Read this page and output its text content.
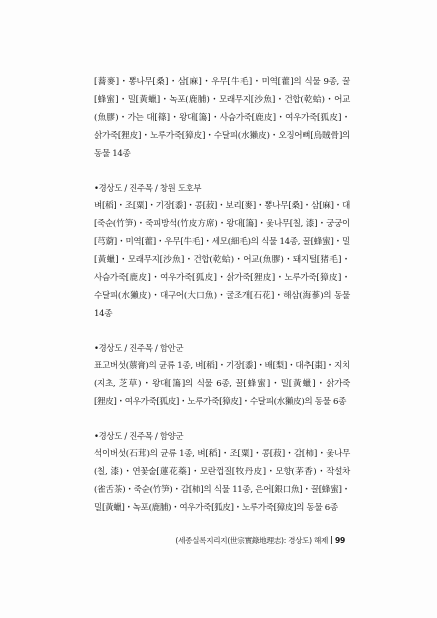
[蕎麥]・뽕나무[桑]・삼[麻]・우무[牛毛]・미역[藿]의 식물 9종, 꿀[蜂蜜]・밀[黃蠟]・녹포(鹿脯)・모래무지[沙魚]・건합(乾蛤)・어교(魚膠)・가는 대[篠]・왕대[簜]・사슴가죽[鹿皮]・여우가죽[狐皮]・삵가죽[狸皮]・노루가죽[獐皮]・수달피(水獺皮)・오징어뼈[烏賊骨]의 동물 14종

•경상도 / 진주목 / 창원 도호부

벼[稻]・조[粟]・기장[黍]・콩[菽]・보리[麥]・뽕나무[桑]・삼[麻]・대[죽순(竹笋)・죽피방석(竹皮方席)・왕대[簜]・옻나무[칠, 漆]・궁궁이[芎藭]・미역[藿]・우무[牛毛]・세모(細毛)의 식물 14종, 꿀[蜂蜜]・밀[黃蠟]・모래무지[沙魚]・건합(乾蛤)・어교(魚膠)・돼지털[猪毛]・사슴가죽[鹿皮]・여우가죽[狐皮]・삵가죽[狸皮]・노루가죽[獐皮]・수달피(水獺皮)・대구어(大口魚)・굴조개[石花]・해삼(海蔘)의 동물 14종

•경상도 / 진주목 / 함안군

표고버섯(蔈膏)의 균류 1종, 벼[稻]・기장[黍]・배[梨]・대추[棗]・지치(지초, 芝草)・왕대[簜]의 식물 6종, 꿀[蜂蜜]・밀[黃蠟]・삵가죽[狸皮]・여우가죽[狐皮]・노루가죽[獐皮]・수달피(水獺皮)의 동물 6종

•경상도 / 진주목 / 함양군

석이버섯(石茸)의 균류 1종, 벼[稻]・조[粟]・콩[菽]・감[柿]・옻나무(칠, 漆)・연꽃술[蓮花蘂]・모란껍질[牧丹皮]・모향(茅香)・작설차(雀舌茶)・죽순(竹笋)・감[柿]의 식물 11종, 은어[銀口魚]・꿀[蜂蜜]・밀[黃蠟]・녹포(鹿脯)・여우가죽[狐皮]・노루가죽[獐皮]의 동물 6종

(세종실록지리지(世宗實錄地理志): 경상도) 해제 99
